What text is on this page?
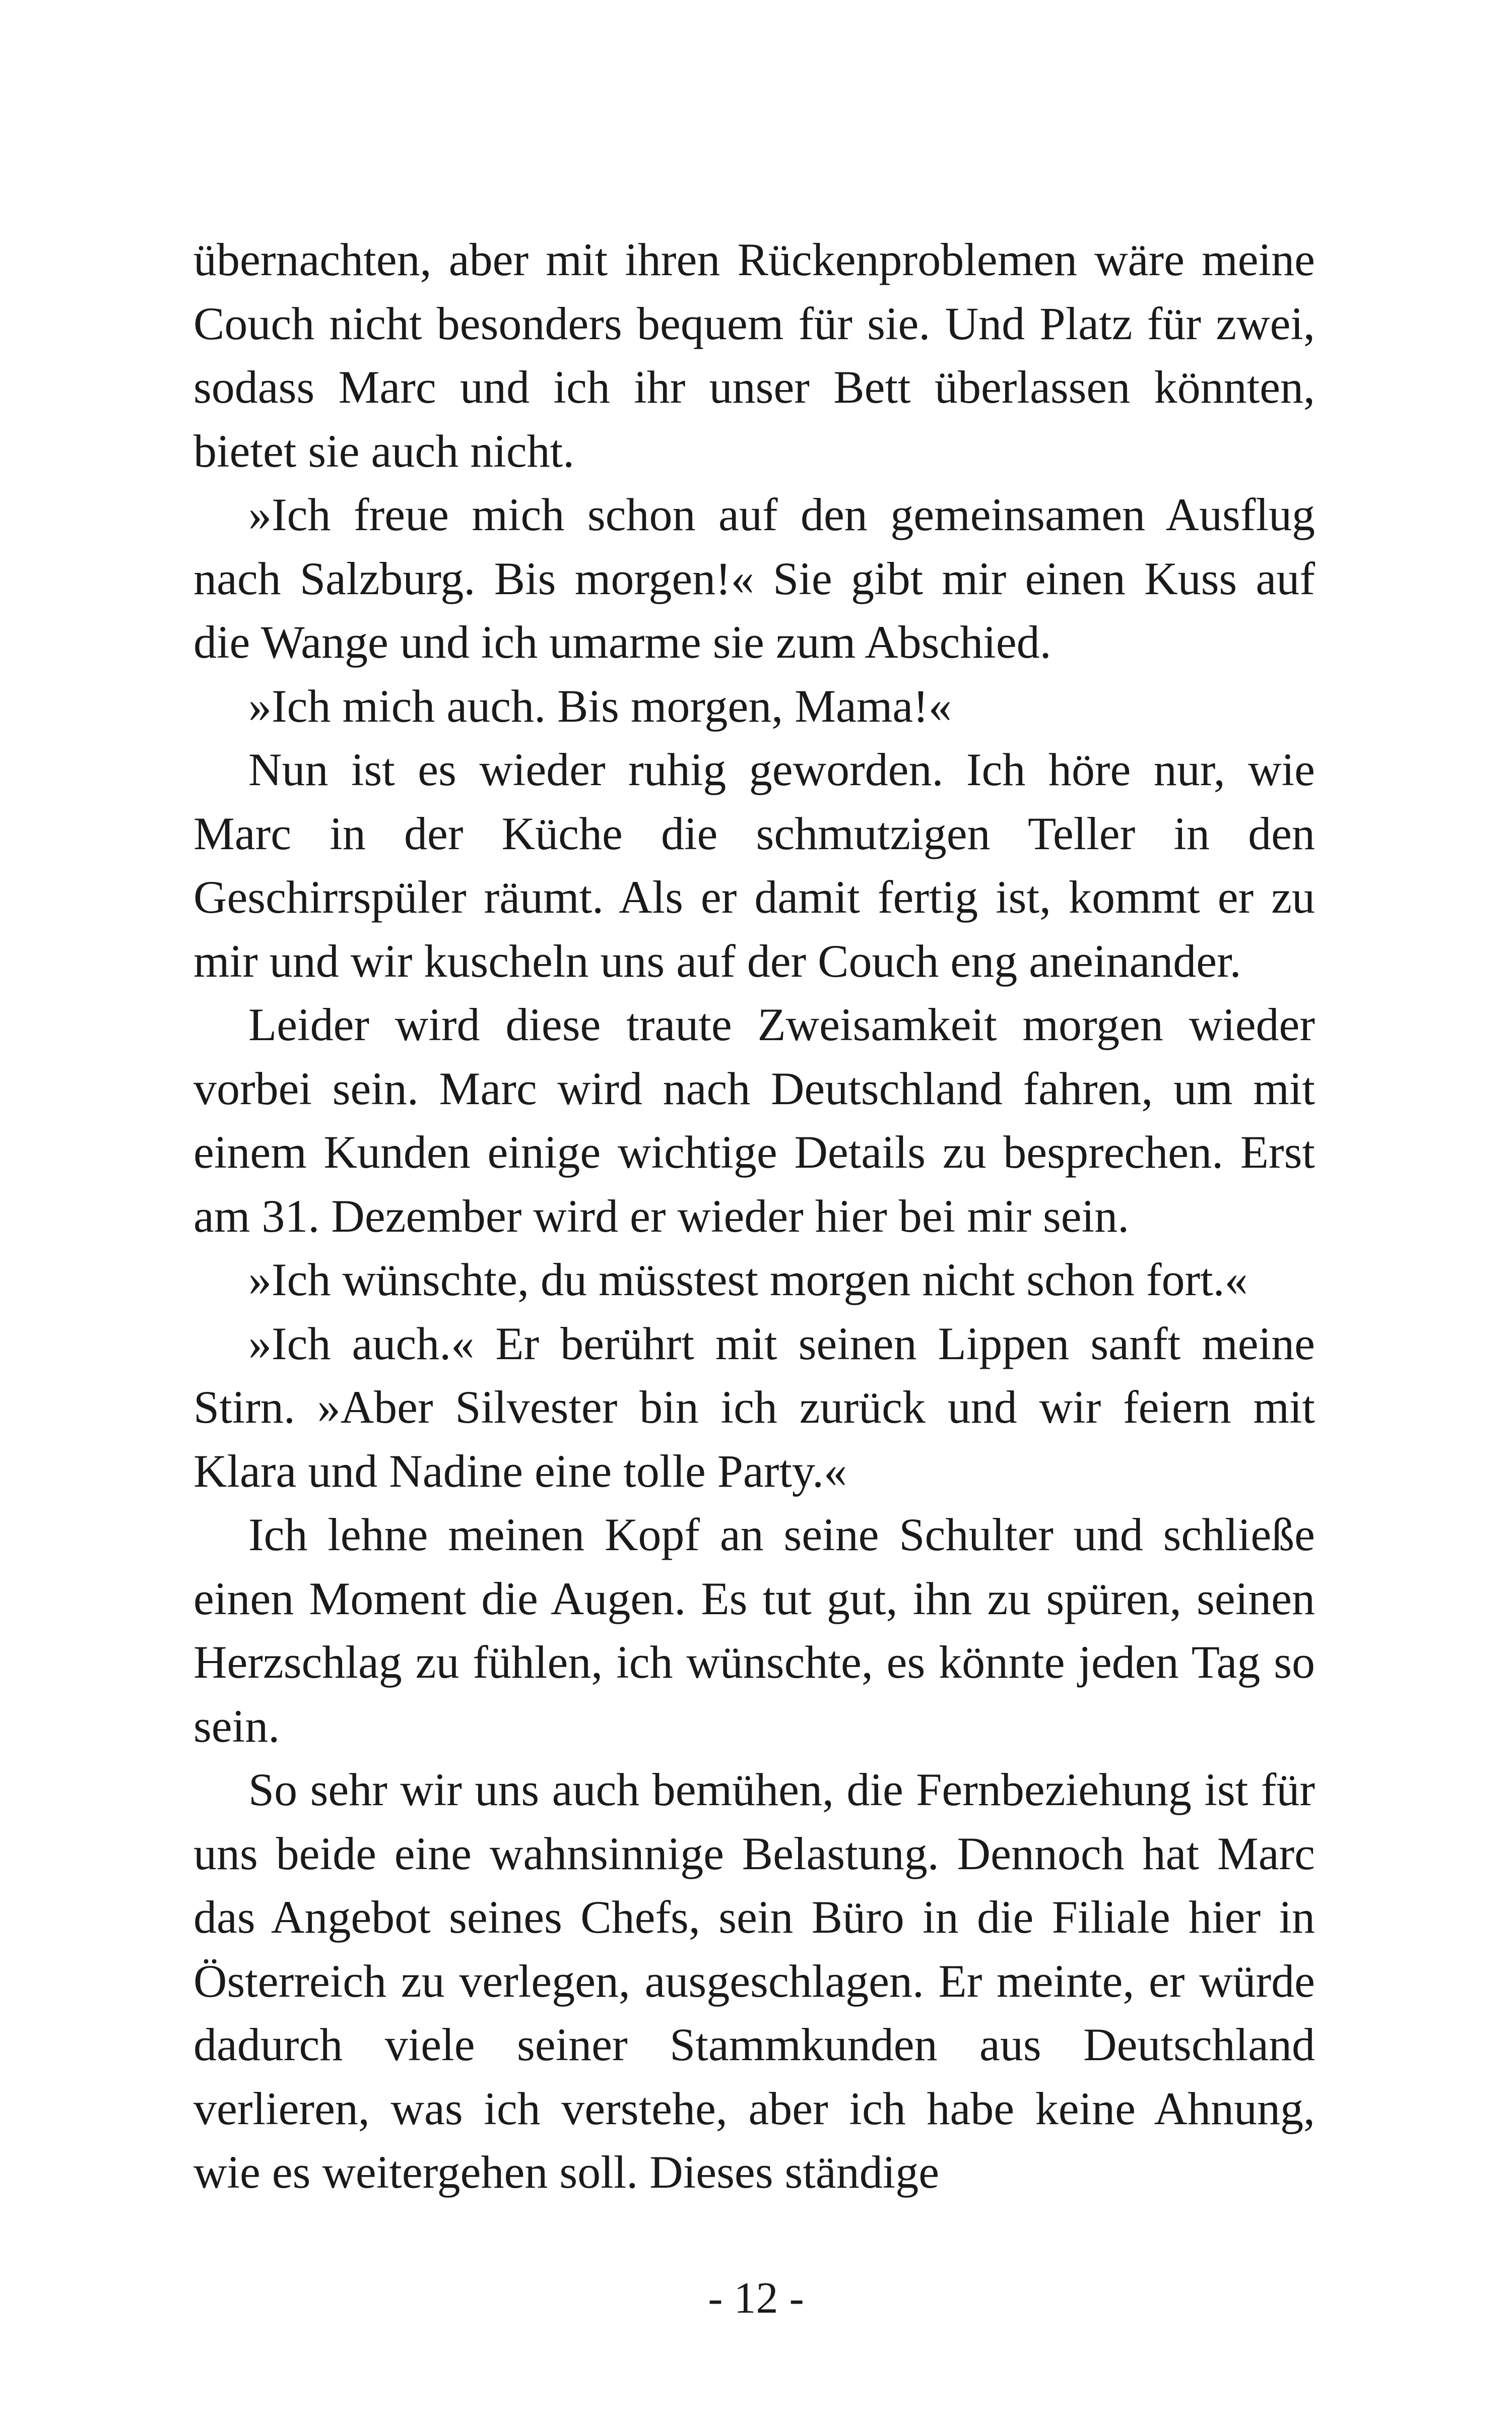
übernachten, aber mit ihren Rückenproblemen wäre meine Couch nicht besonders bequem für sie. Und Platz für zwei, sodass Marc und ich ihr unser Bett überlassen könnten, bietet sie auch nicht.

»Ich freue mich schon auf den gemeinsamen Ausflug nach Salzburg. Bis morgen!« Sie gibt mir einen Kuss auf die Wange und ich umarme sie zum Abschied.

»Ich mich auch. Bis morgen, Mama!«

Nun ist es wieder ruhig geworden. Ich höre nur, wie Marc in der Küche die schmutzigen Teller in den Geschirrspüler räumt. Als er damit fertig ist, kommt er zu mir und wir kuscheln uns auf der Couch eng aneinander.

Leider wird diese traute Zweisamkeit morgen wieder vorbei sein. Marc wird nach Deutschland fahren, um mit einem Kunden einige wichtige Details zu besprechen. Erst am 31. Dezember wird er wieder hier bei mir sein.

»Ich wünschte, du müsstest morgen nicht schon fort.«

»Ich auch.« Er berührt mit seinen Lippen sanft meine Stirn. »Aber Silvester bin ich zurück und wir feiern mit Klara und Nadine eine tolle Party.«

Ich lehne meinen Kopf an seine Schulter und schließe einen Moment die Augen. Es tut gut, ihn zu spüren, seinen Herzschlag zu fühlen, ich wünschte, es könnte jeden Tag so sein.

So sehr wir uns auch bemühen, die Fernbeziehung ist für uns beide eine wahnsinnige Belastung. Dennoch hat Marc das Angebot seines Chefs, sein Büro in die Filiale hier in Österreich zu verlegen, ausgeschlagen. Er meinte, er würde dadurch viele seiner Stammkunden aus Deutschland verlieren, was ich verstehe, aber ich habe keine Ahnung, wie es weitergehen soll. Dieses ständige

- 12 -
